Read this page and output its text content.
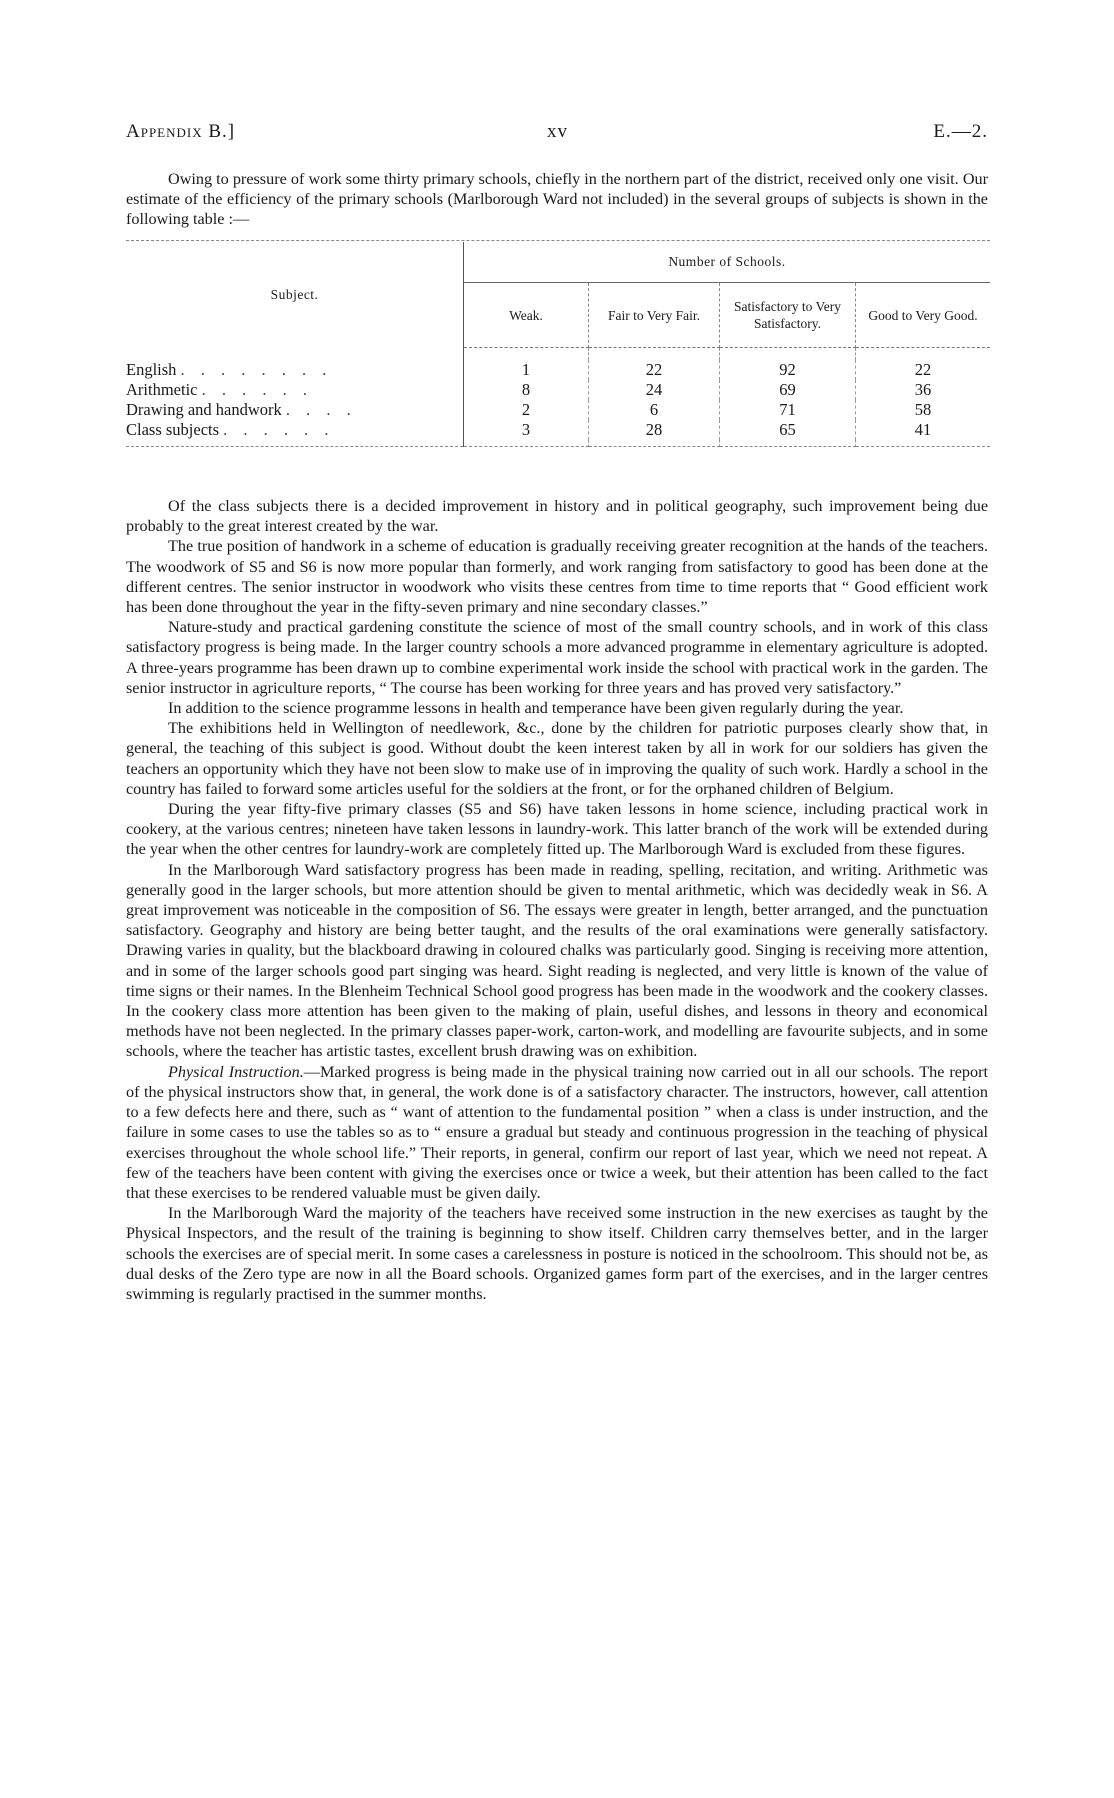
Appendix B.]	xv	E.—2.

Owing to pressure of work some thirty primary schools, chiefly in the northern part of the district, received only one visit. Our estimate of the efficiency of the primary schools (Marlborough Ward not included) in the several groups of subjects is shown in the following table :—

Subject.	Number of Schools.			
	Weak.	Fair to Very Fair.	Satisfactory to Very Satisfactory.	Good to Very Good.

English . . . . . . . .	1	22	92	22
Arithmetic . . . . . .	8	24	69	36
Drawing and handwork . . . .	2	6	71	58
Class subjects . . . . . .	3	28	65	41

Of the class subjects there is a decided improvement in history and in political geography, such improvement being due probably to the great interest created by the war.

The true position of handwork in a scheme of education is gradually receiving greater recognition at the hands of the teachers. The woodwork of S5 and S6 is now more popular than formerly, and work ranging from satisfactory to good has been done at the different centres. The senior instructor in woodwork who visits these centres from time to time reports that “ Good efficient work has been done throughout the year in the fifty-seven primary and nine secondary classes.”

Nature-study and practical gardening constitute the science of most of the small country schools, and in work of this class satisfactory progress is being made. In the larger country schools a more advanced programme in elementary agriculture is adopted. A three-years programme has been drawn up to combine experimental work inside the school with practical work in the garden. The senior instructor in agriculture reports, “ The course has been working for three years and has proved very satisfactory.”

In addition to the science programme lessons in health and temperance have been given regularly during the year.

The exhibitions held in Wellington of needlework, &c., done by the children for patriotic purposes clearly show that, in general, the teaching of this subject is good. Without doubt the keen interest taken by all in work for our soldiers has given the teachers an opportunity which they have not been slow to make use of in improving the quality of such work. Hardly a school in the country has failed to forward some articles useful for the soldiers at the front, or for the orphaned children of Belgium.

During the year fifty-five primary classes (S5 and S6) have taken lessons in home science, including practical work in cookery, at the various centres; nineteen have taken lessons in laundry-work. This latter branch of the work will be extended during the year when the other centres for laundry-work are completely fitted up. The Marlborough Ward is excluded from these figures.

In the Marlborough Ward satisfactory progress has been made in reading, spelling, recitation, and writing. Arithmetic was generally good in the larger schools, but more attention should be given to mental arithmetic, which was decidedly weak in S6. A great improvement was noticeable in the composition of S6. The essays were greater in length, better arranged, and the punctuation satisfactory. Geography and history are being better taught, and the results of the oral examinations were generally satisfactory. Drawing varies in quality, but the blackboard drawing in coloured chalks was particularly good. Singing is receiving more attention, and in some of the larger schools good part singing was heard. Sight reading is neglected, and very little is known of the value of time signs or their names. In the Blenheim Technical School good progress has been made in the woodwork and the cookery classes. In the cookery class more attention has been given to the making of plain, useful dishes, and lessons in theory and economical methods have not been neglected. In the primary classes paper-work, carton-work, and modelling are favourite subjects, and in some schools, where the teacher has artistic tastes, excellent brush drawing was on exhibition.

Physical Instruction.—Marked progress is being made in the physical training now carried out in all our schools. The report of the physical instructors show that, in general, the work done is of a satisfactory character. The instructors, however, call attention to a few defects here and there, such as “ want of attention to the fundamental position ” when a class is under instruction, and the failure in some cases to use the tables so as to “ ensure a gradual but steady and continuous progression in the teaching of physical exercises throughout the whole school life.” Their reports, in general, confirm our report of last year, which we need not repeat. A few of the teachers have been content with giving the exercises once or twice a week, but their attention has been called to the fact that these exercises to be rendered valuable must be given daily.

In the Marlborough Ward the majority of the teachers have received some instruction in the new exercises as taught by the Physical Inspectors, and the result of the training is beginning to show itself. Children carry themselves better, and in the larger schools the exercises are of special merit. In some cases a carelessness in posture is noticed in the schoolroom. This should not be, as dual desks of the Zero type are now in all the Board schools. Organized games form part of the exercises, and in the larger centres swimming is regularly practised in the summer months.
